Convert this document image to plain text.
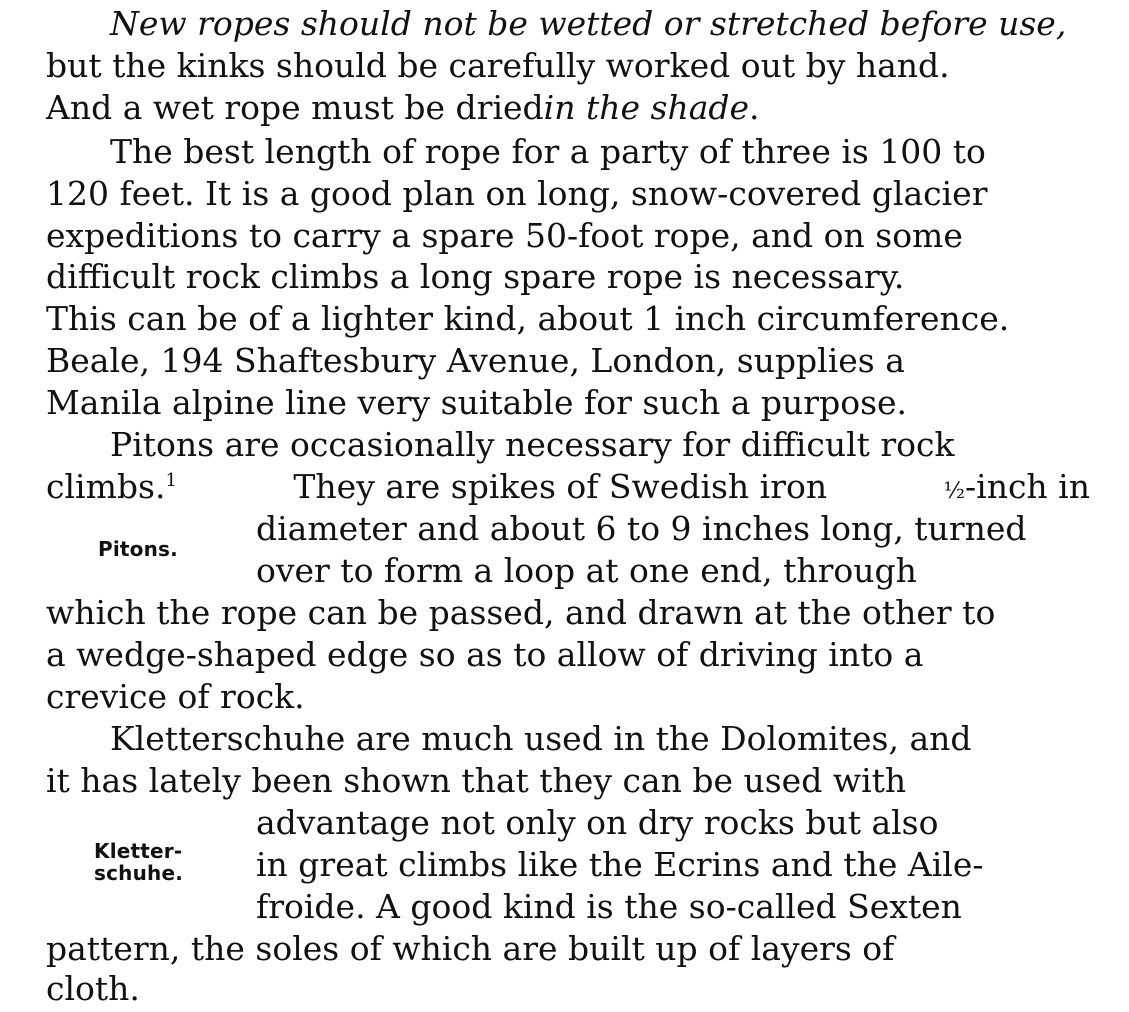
New ropes should not be wetted or stretched before use,
but the kinks should be carefully worked out by hand.
And a wet rope must be dried in the shade .
The best length of rope for a party of three is 100 to
120 feet. It is a good plan on long, snow-covered glacier
expeditions to carry a spare 50-foot rope, and on some
difficult rock climbs a long spare rope is necessary.
This can be of a lighter kind, about 1 inch circumference.
Beale, 194 Shaftesbury Avenue, London, supplies a
Manila alpine line very suitable for such a purpose.
Pitons are occasionally necessary for difficult rock
climbs.$^1$	They are spikes of Swedish iron	½-inch in
Pitons.
diameter and about 6 to 9 inches long, turned
over to form a loop at one end, through
which the rope can be passed, and drawn at the other to
a wedge-shaped edge so as to allow of driving into a
crevice of rock.
Kletterschuhe are much used in the Dolomites, and
it has lately been shown that they can be used with
Kletter-
schuhe.
advantage not only on dry rocks but also
in great climbs like the Ecrins and the Aile-
froide. A good kind is the so-called Sexten
pattern, the soles of which are built up of layers of
cloth.
